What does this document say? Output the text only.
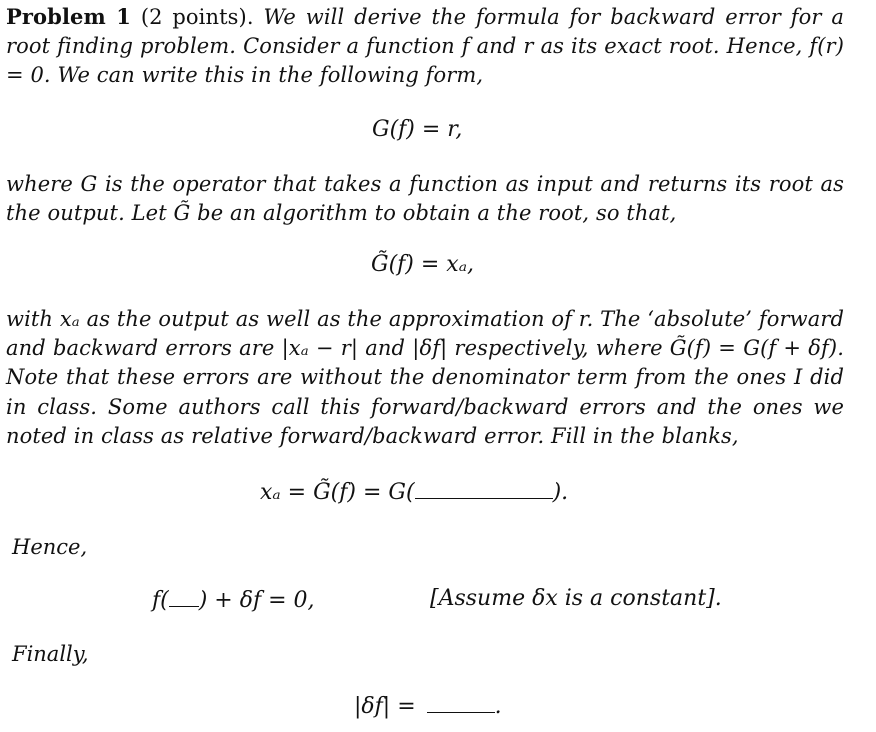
Problem 1 (2 points). We will derive the formula for backward error for a root finding problem. Consider a function f and r as its exact root. Hence, f(r) = 0. We can write this in the following form,

G(f) = r,

where G is the operator that takes a function as input and returns its root as the output. Let G̃ be an algorithm to obtain a the root, so that,

G̃(f) = xₐ,

with xₐ as the output as well as the approximation of r. The ‘absolute’ forward and backward errors are |xₐ − r| and |δf| respectively, where G̃(f) = G(f + δf). Note that these errors are without the denominator term from the ones I did in class. Some authors call this forward/backward errors and the ones we noted in class as relative forward/backward error. Fill in the blanks,

xₐ = G̃(f) = G(	).
Hence,
f( ) + δf = 0,	[Assume δx is a constant].
Finally,
|δf| =	.
